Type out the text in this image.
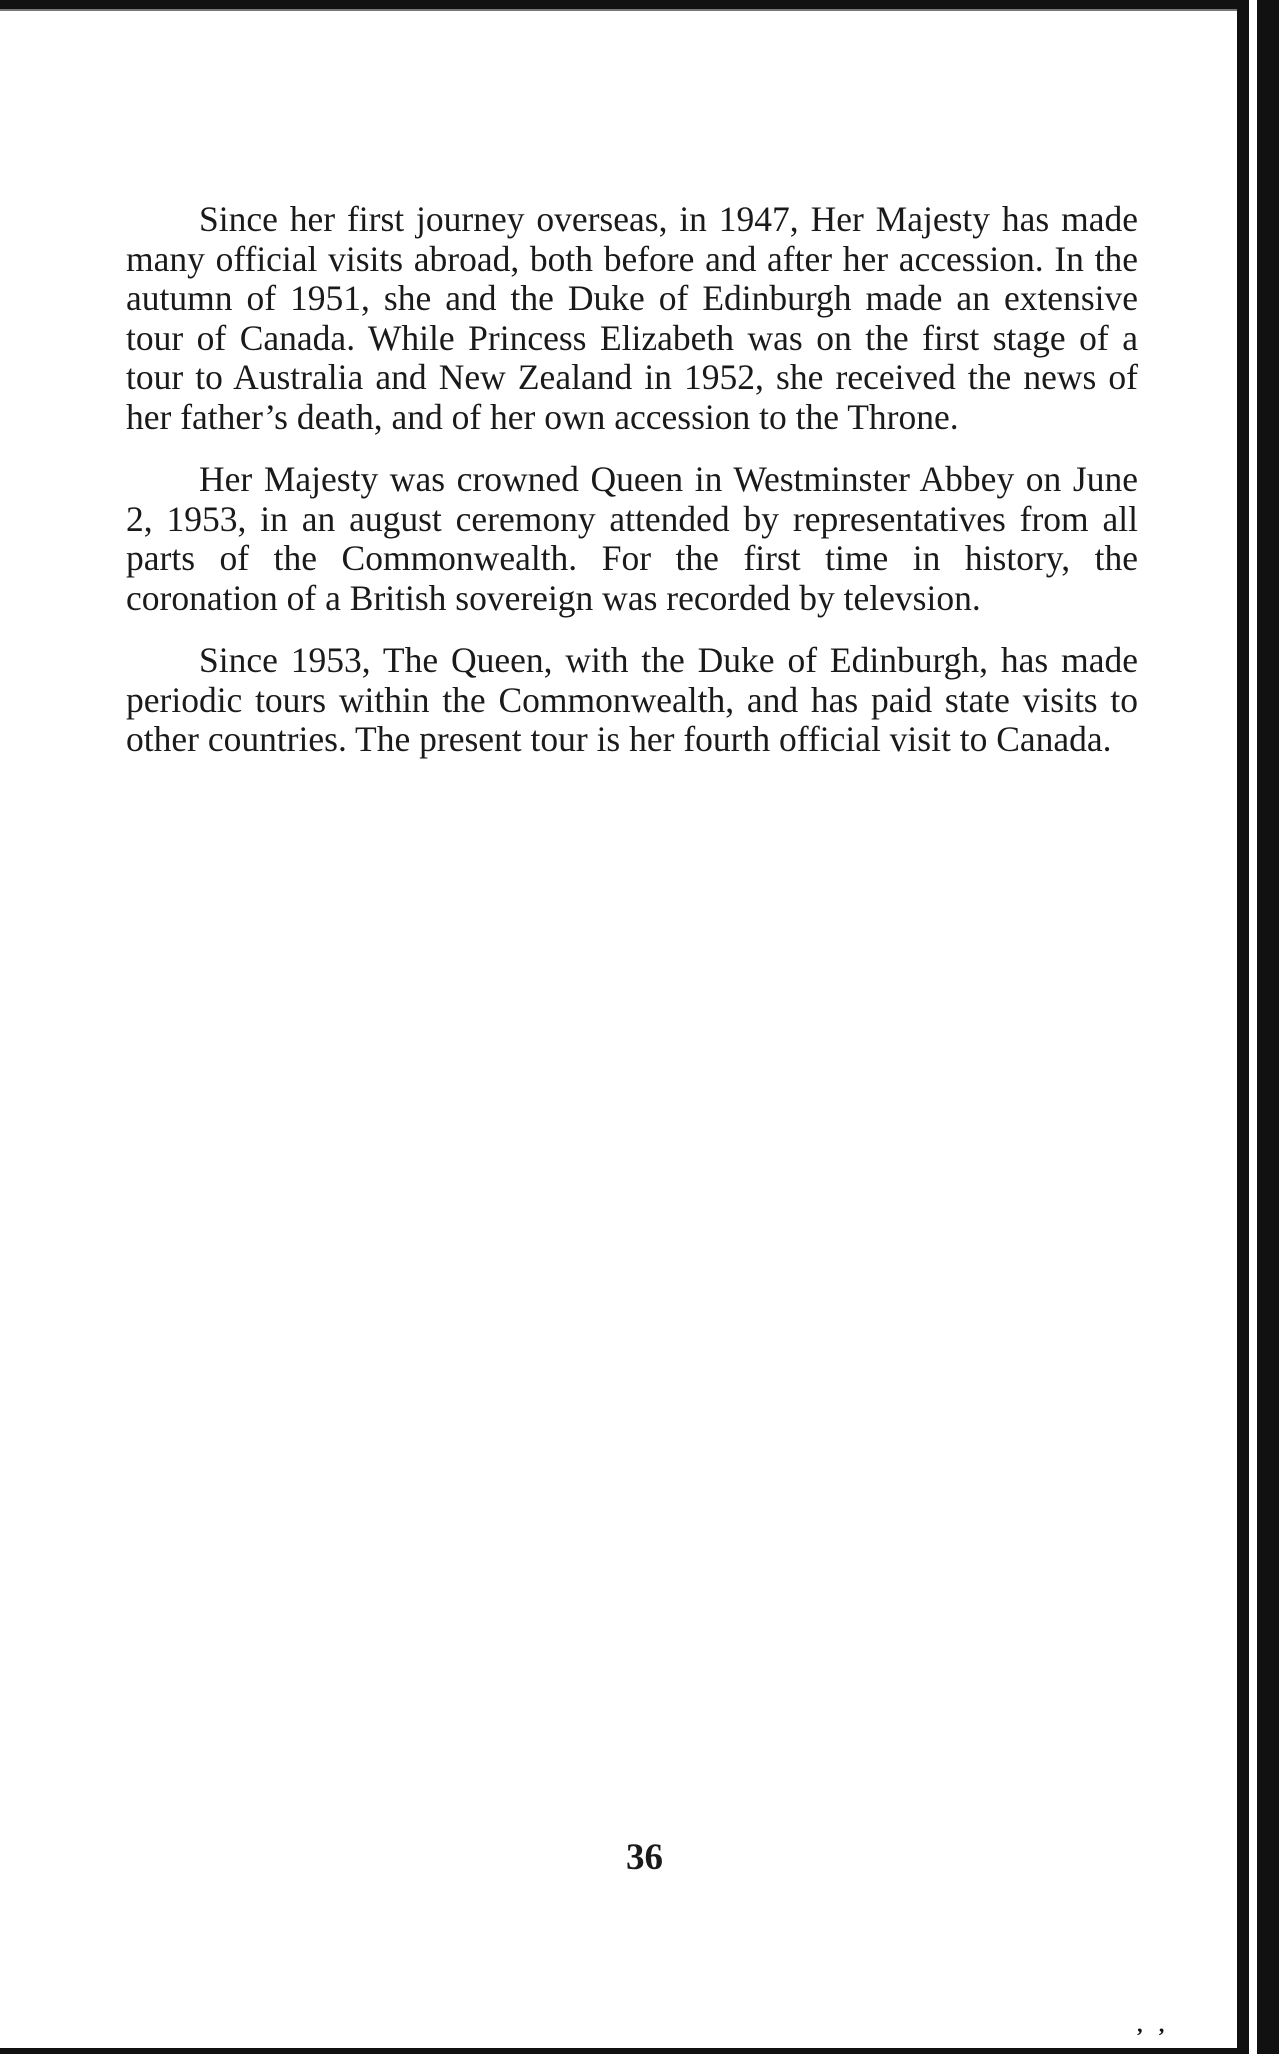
Since her first journey overseas, in 1947, Her Majesty has made many official visits abroad, both before and after her accession. In the autumn of 1951, she and the Duke of Edinburgh made an extensive tour of Canada. While Princess Elizabeth was on the first stage of a tour to Australia and New Zealand in 1952, she received the news of her father’s death, and of her own accession to the Throne.

Her Majesty was crowned Queen in Westminster Abbey on June 2, 1953, in an august ceremony attended by representatives from all parts of the Commonwealth. For the first time in history, the coronation of a British sovereign was recorded by televsion.

Since 1953, The Queen, with the Duke of Edinburgh, has made periodic tours within the Commonwealth, and has paid state visits to other countries. The present tour is her fourth official visit to Canada.

36
’’
